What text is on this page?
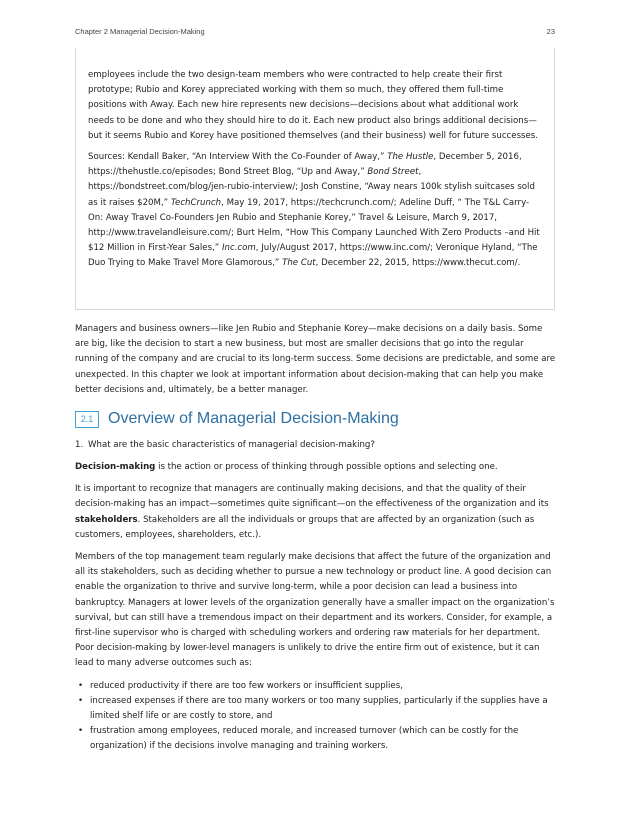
Chapter 2 Managerial Decision-Making	23

employees include the two design-team members who were contracted to help create their first prototype; Rubio and Korey appreciated working with them so much, they offered them full-time positions with Away. Each new hire represents new decisions—decisions about what additional work needs to be done and who they should hire to do it. Each new product also brings additional decisions—but it seems Rubio and Korey have positioned themselves (and their business) well for future successes.

Sources: Kendall Baker, “An Interview With the Co-Founder of Away,” The Hustle, December 5, 2016, https://thehustle.co/episodes; Bond Street Blog, “Up and Away,” Bond Street, https://bondstreet.com/blog/jen-rubio-interview/; Josh Constine, “Away nears 100k stylish suitcases sold as it raises $20M,” TechCrunch, May 19, 2017, https://techcrunch.com/; Adeline Duff, “ The T&L Carry-On: Away Travel Co-Founders Jen Rubio and Stephanie Korey,” Travel & Leisure, March 9, 2017, http://www.travelandleisure.com/; Burt Helm, “How This Company Launched With Zero Products –and Hit $12 Million in First-Year Sales,” Inc.com, July/August 2017, https://www.inc.com/; Veronique Hyland, “The Duo Trying to Make Travel More Glamorous,” The Cut, December 22, 2015, https://www.thecut.com/.

Managers and business owners—like Jen Rubio and Stephanie Korey—make decisions on a daily basis. Some are big, like the decision to start a new business, but most are smaller decisions that go into the regular running of the company and are crucial to its long-term success. Some decisions are predictable, and some are unexpected. In this chapter we look at important information about decision-making that can help you make better decisions and, ultimately, be a better manager.

2.1 Overview of Managerial Decision-Making
1. What are the basic characteristics of managerial decision-making?

Decision-making is the action or process of thinking through possible options and selecting one.

It is important to recognize that managers are continually making decisions, and that the quality of their decision-making has an impact—sometimes quite significant—on the effectiveness of the organization and its stakeholders. Stakeholders are all the individuals or groups that are affected by an organization (such as customers, employees, shareholders, etc.).

Members of the top management team regularly make decisions that affect the future of the organization and all its stakeholders, such as deciding whether to pursue a new technology or product line. A good decision can enable the organization to thrive and survive long-term, while a poor decision can lead a business into bankruptcy. Managers at lower levels of the organization generally have a smaller impact on the organization’s survival, but can still have a tremendous impact on their department and its workers. Consider, for example, a first-line supervisor who is charged with scheduling workers and ordering raw materials for her department. Poor decision-making by lower-level managers is unlikely to drive the entire firm out of existence, but it can lead to many adverse outcomes such as:

• reduced productivity if there are too few workers or insufficient supplies,
• increased expenses if there are too many workers or too many supplies, particularly if the supplies have a limited shelf life or are costly to store, and
• frustration among employees, reduced morale, and increased turnover (which can be costly for the organization) if the decisions involve managing and training workers.
